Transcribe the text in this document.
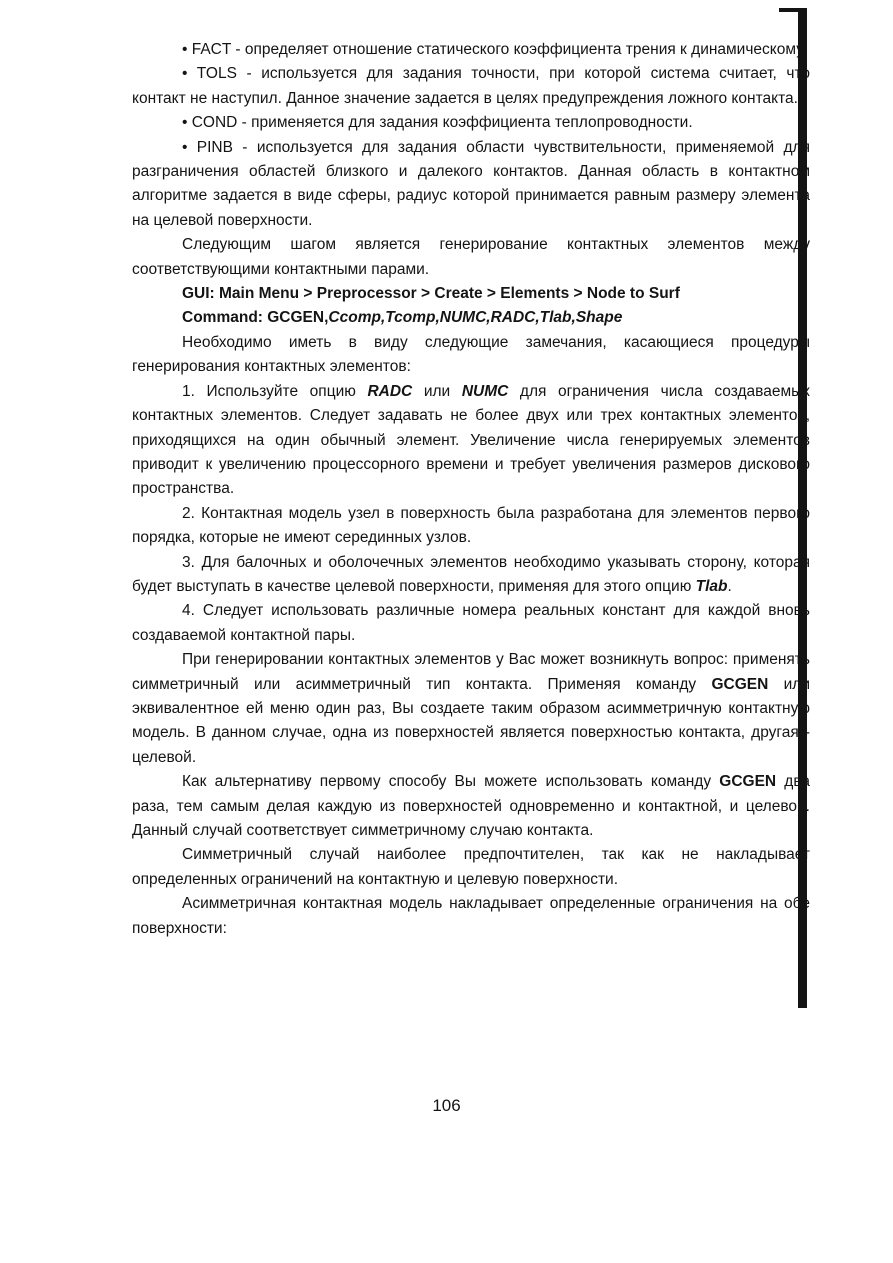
• FACT - определяет отношение статического коэффициента трения к динамическому.

• TOLS - используется для задания точности, при которой система считает, что контакт не наступил. Данное значение задается в целях предупреждения ложного контакта.

• COND - применяется для задания коэффициента теплопроводности.

• PINB - используется для задания области чувствительности, применяемой для разграничения областей близкого и далекого контактов. Данная область в контактном алгоритме задается в виде сферы, радиус которой принимается равным размеру элемента на целевой поверхности.

Следующим шагом является генерирование контактных элементов между соответствующими контактными парами.

GUI: Main Menu > Preprocessor > Create > Elements > Node to Surf

Command: GCGEN,Ccomp,Tcomp,NUMC,RADC,Tlab,Shape

Необходимо иметь в виду следующие замечания, касающиеся процедуры генерирования контактных элементов:

1. Используйте опцию RADC или NUMC для ограничения числа создаваемых контактных элементов. Следует задавать не более двух или трех контактных элементов, приходящихся на один обычный элемент. Увеличение числа генерируемых элементов приводит к увеличению процессорного времени и требует увеличения размеров дискового пространства.

2. Контактная модель узел в поверхность была разработана для элементов первого порядка, которые не имеют серединных узлов.

3. Для балочных и оболочечных элементов необходимо указывать сторону, которая будет выступать в качестве целевой поверхности, применяя для этого опцию Tlab.

4. Следует использовать различные номера реальных констант для каждой вновь создаваемой контактной пары.

При генерировании контактных элементов у Вас может возникнуть вопрос: применять симметричный или асимметричный тип контакта. Применяя команду GCGEN или эквивалентное ей меню один раз, Вы создаете таким образом асимметричную контактную модель. В данном случае, одна из поверхностей является поверхностью контакта, другая - целевой.

Как альтернативу первому способу Вы можете использовать команду GCGEN два раза, тем самым делая каждую из поверхностей одновременно и контактной, и целевой. Данный случай соответствует симметричному случаю контакта.

Симметричный случай наиболее предпочтителен, так как не накладывает определенных ограничений на контактную и целевую поверхности.

Асимметричная контактная модель накладывает определенные ограничения на обе поверхности:

106
